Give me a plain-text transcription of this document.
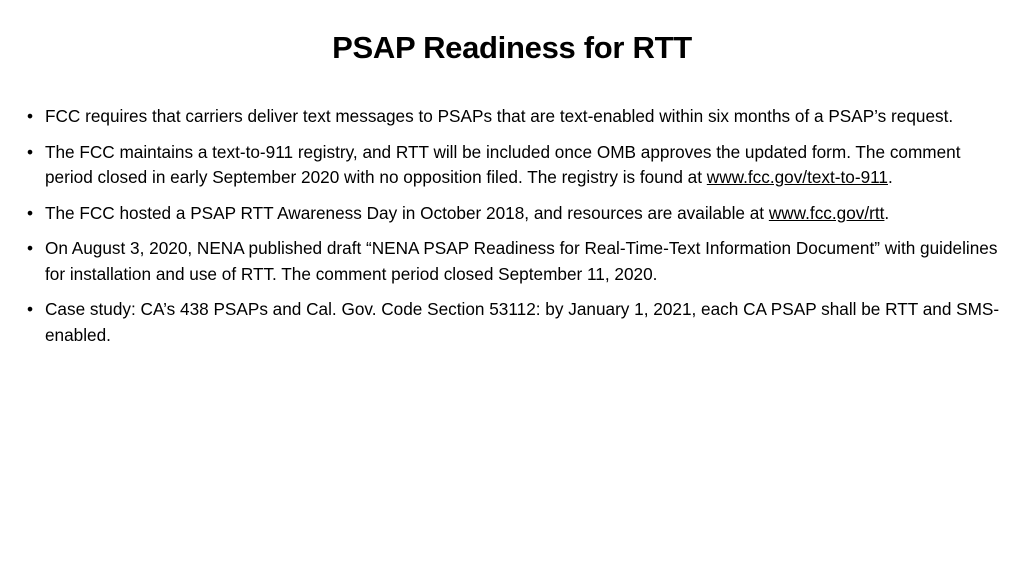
PSAP Readiness for RTT
• FCC requires that carriers deliver text messages to PSAPs that are text-enabled within six months of a PSAP’s request.
• The FCC maintains a text-to-911 registry, and RTT will be included once OMB approves the updated form. The comment period closed in early September 2020 with no opposition filed. The registry is found at www.fcc.gov/text-to-911.
• The FCC hosted a PSAP RTT Awareness Day in October 2018, and resources are available at www.fcc.gov/rtt.
• On August 3, 2020, NENA published draft “NENA PSAP Readiness for Real-Time-Text Information Document” with guidelines for installation and use of RTT. The comment period closed September 11, 2020.
• Case study: CA’s 438 PSAPs and Cal. Gov. Code Section 53112: by January 1, 2021, each CA PSAP shall be RTT and SMS-enabled.
